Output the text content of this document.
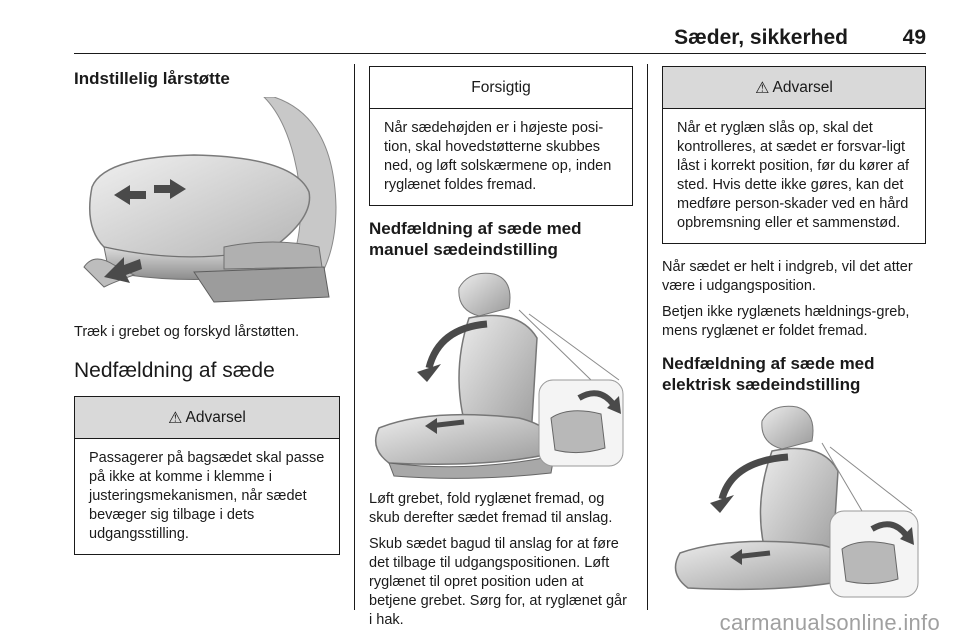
Sæder, sikkerhed	49
Indstillelig lårstøtte

Træk i grebet og forskyd lårstøtten.

Nedfældning af sæde
⚠ Advarsel
Passagerer på bagsædet skal passe på ikke at komme i klemme i justeringsmekanismen, når sædet bevæger sig tilbage i dets udgangsstilling.
Forsigtig
Når sædehøjden er i højeste posi-tion, skal hovedstøtterne skubbes ned, og løft solskærmene op, inden ryglænet foldes fremad.
Nedfældning af sæde med
manuel sædeindstilling

Løft grebet, fold ryglænet fremad, og skub derefter sædet fremad til anslag.

Skub sædet bagud til anslag for at føre det tilbage til udgangspositionen. Løft ryglænet til opret position uden at betjene grebet. Sørg for, at ryglænet går i hak.

⚠ Advarsel
Når et ryglæn slås op, skal det kontrolleres, at sædet er forsvar-ligt låst i korrekt position, før du kører af sted. Hvis dette ikke gøres, kan det medføre person-skader ved en hård opbremsning eller et sammenstød.

Når sædet er helt i indgreb, vil det atter være i udgangsposition.

Betjen ikke ryglænets hældnings-greb, mens ryglænet er foldet fremad.

Nedfældning af sæde med
elektrisk sædeindstilling
carmanualsonline.info
